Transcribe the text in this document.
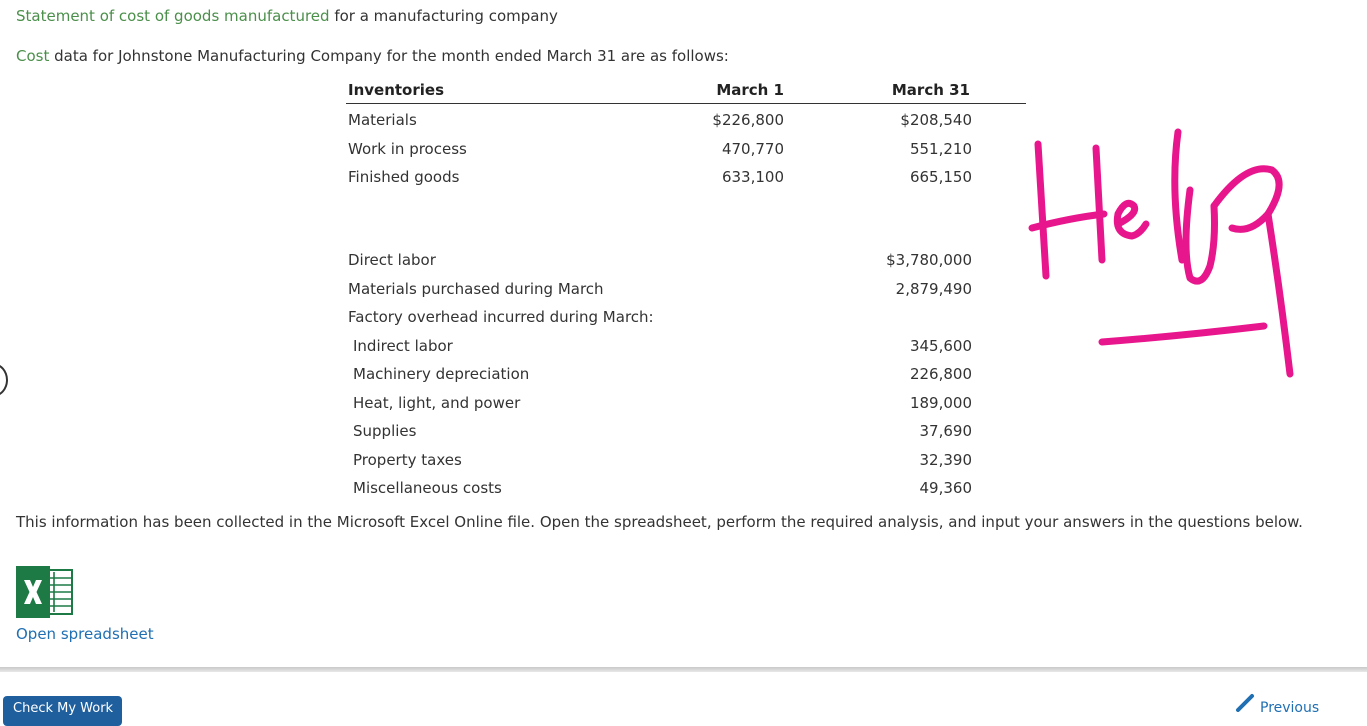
Statement of cost of goods manufactured for a manufacturing company
Cost data for Johnstone Manufacturing Company for the month ended March 31 are as follows:
Inventories	March 1	March 31
Materials	$226,800	$208,540
Work in process	470,770	551,210
Finished goods	633,100	665,150
Direct labor	$3,780,000
Materials purchased during March	2,879,490
Factory overhead incurred during March:
Indirect labor	345,600
Machinery depreciation	226,800
Heat, light, and power	189,000
Supplies	37,690
Property taxes	32,390
Miscellaneous costs	49,360
This information has been collected in the Microsoft Excel Online file. Open the spreadsheet, perform the required analysis, and input your answers in the questions below.
Open spreadsheet
Check My Work	Previous
